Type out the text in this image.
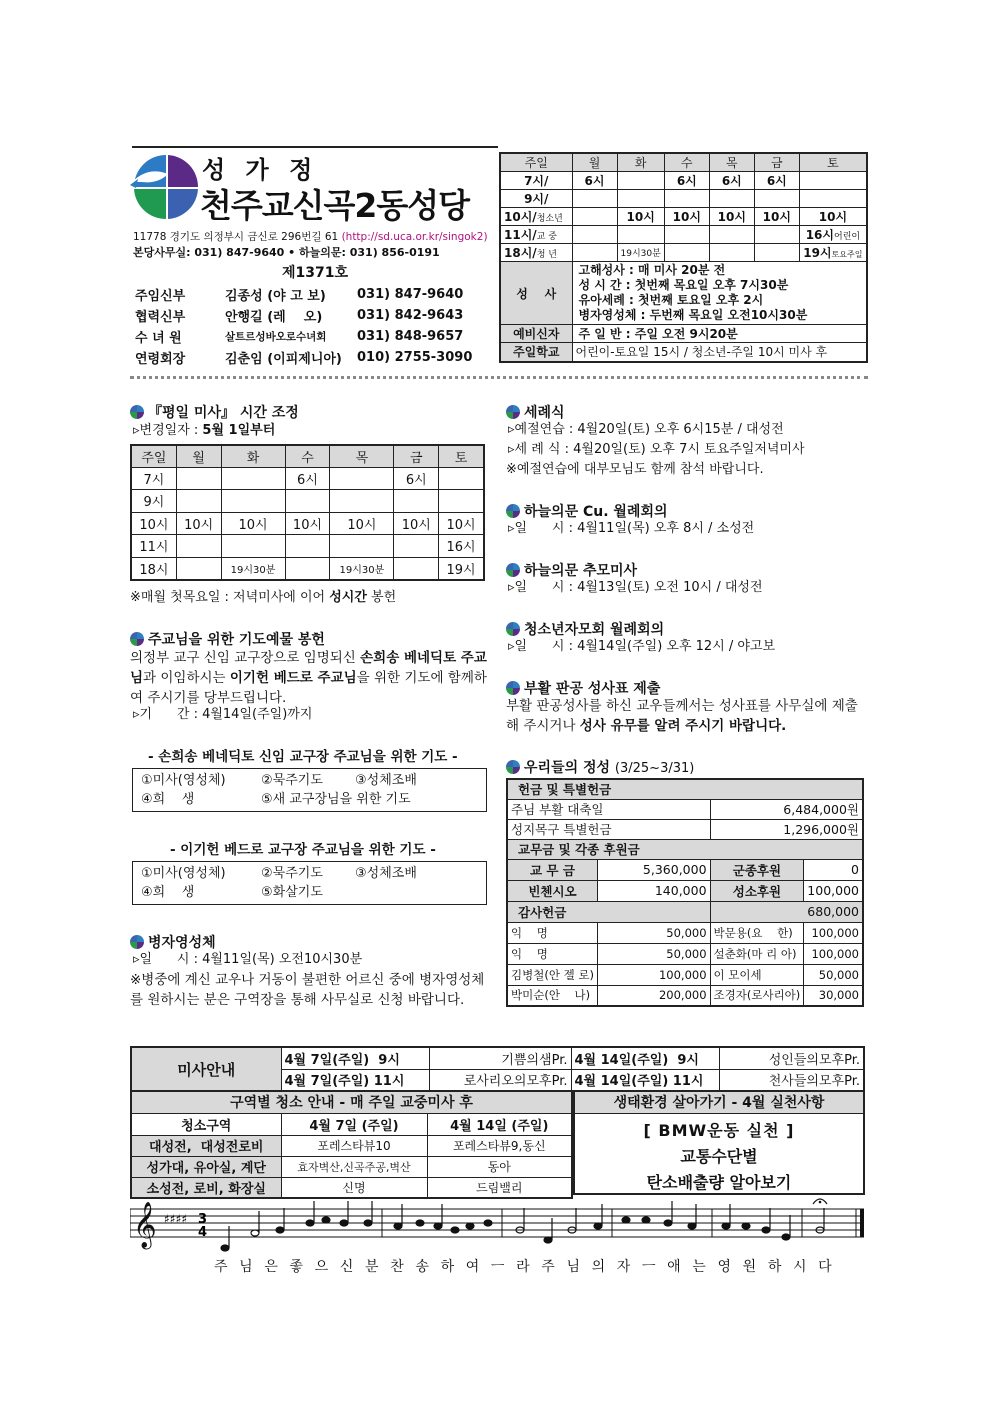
성 가 정
천주교신곡2동성당
11778 경기도 의정부시 금신로 296번길 61 (http://sd.uca.or.kr/singok2)
본당사무실: 031) 847-9640 • 하늘의문: 031) 856-0191
제1371호
주임신부	김종성 (야 고 보)	031) 847-9640
협력신부	안행길 (레    오)	031) 842-9643
수 녀 원	살트르성바오로수녀회	031) 848-9657
연령회장	김춘임 (이피제니아)	010) 2755-3090
주일	월	화	수	목	금	토
7시/	6시		6시	6시	6시	
9시/						
10시/청소년		10시	10시	10시	10시	10시
11시/교 중						16시어린이
18시/청 년		19시30분				19시토요주일
성    사	고해성사 : 매 미사 20분 전
성 시 간 : 첫번째 목요일 오후 7시30분
유아세례 : 첫번째 토요일 오후 2시
병자영성체 : 두번째 목요일 오전10시30분					

예비신자	주 일 반 : 주일 오전 9시20분					
주일학교	어린이-토요일 15시 / 청소년-주일 10시 미사 후					
『평일 미사』 시간 조정
▹변경일자 : 5월 1일부터
주일	월	화	수	목	금	토
7시			6시		6시	
9시						
10시	10시	10시	10시	10시	10시	10시
11시						16시
18시		19시30분		19시30분		19시
※매월 첫목요일 : 저녁미사에 이어 성시간 봉헌
주교님을 위한 기도예물 봉헌
의정부 교구 신임 교구장으로 임명되신 손희송 베네딕토 주교님과 이임하시는 이기헌 베드로 주교님을 위한 기도에 함께하여 주시기를 당부드립니다.
▹기      간 : 4월14일(주일)까지
- 손희송 베네딕토 신임 교구장 주교님을 위한 기도 -
①미사(영성체)	②묵주기도	③성체조배
④희    생	⑤새 교구장님을 위한 기도
- 이기헌 베드로 교구장 주교님을 위한 기도 -
①미사(영성체)	②묵주기도	③성체조배
④희    생	⑤화살기도
병자영성체
▹일      시 : 4월11일(목) 오전10시30분
※병중에 계신 교우나 거동이 불편한 어르신 중에 병자영성체를 원하시는 분은 구역장을 통해 사무실로 신청 바랍니다.
세례식
▹예절연습 : 4월20일(토) 오후 6시15분 / 대성전
▹세 례 식 : 4월20일(토) 오후 7시 토요주일저녁미사
※예절연습에 대부모님도 함께 참석 바랍니다.
하늘의문 Cu. 월례회의
▹일      시 : 4월11일(목) 오후 8시 / 소성전
하늘의문 추모미사
▹일      시 : 4월13일(토) 오전 10시 / 대성전
청소년자모회 월례회의
▹일      시 : 4월14일(주일) 오후 12시 / 야고보
부활 판공 성사표 제출
부활 판공성사를 하신 교우들께서는 성사표를 사무실에 제출해 주시거나 성사 유무를 알려 주시기 바랍니다.
우리들의 정성 (3/25~3/31)
헌금 및 특별헌금			
주님 부활 대축일		6,484,000원	
성지목구 특별헌금		1,296,000원	
교무금 및 각종 후원금			
교 무 금	5,360,000	군종후원	0
빈첸시오	140,000	성소후원	100,000
감사헌금		680,000	
익    명	50,000	박문용(요    한)	100,000
익    명	50,000	설춘화(마 리 아)	100,000
김병철(안 젤 로)	100,000	이 모이세	50,000
박미순(안    나)	200,000	조경자(로사리아)	30,000
미사안내	4월 7일(주일)  9시	기쁨의샘Pr.	4월 14일(주일)  9시	성인들의모후Pr.
	4월 7일(주일) 11시	로사리오의모후Pr.	4월 14일(주일) 11시	천사들의모후Pr.
구역별 청소 안내 - 매 주일 교중미사 후		
청소구역	4월 7일 (주일)	4월 14일 (주일)
대성전,  대성전로비	포레스타뷰10	포레스타뷰9,동신
성가대, 유아실, 계단	효자벽산,신곡주공,벽산	동아
소성전, 로비, 화장실	신명	드림밸리
생태환경 살아가기 - 4월 실천사항
[ BMW운동 실천 ]
교통수단별
탄소배출량 알아보기
𝄞 ♯♯♯♯ 3
4
주 님 은 좋 으 신 분 찬 송 하 여 ㅡ 라 주 님 의 자 ㅡ 애 는 영 원 하 시 다
